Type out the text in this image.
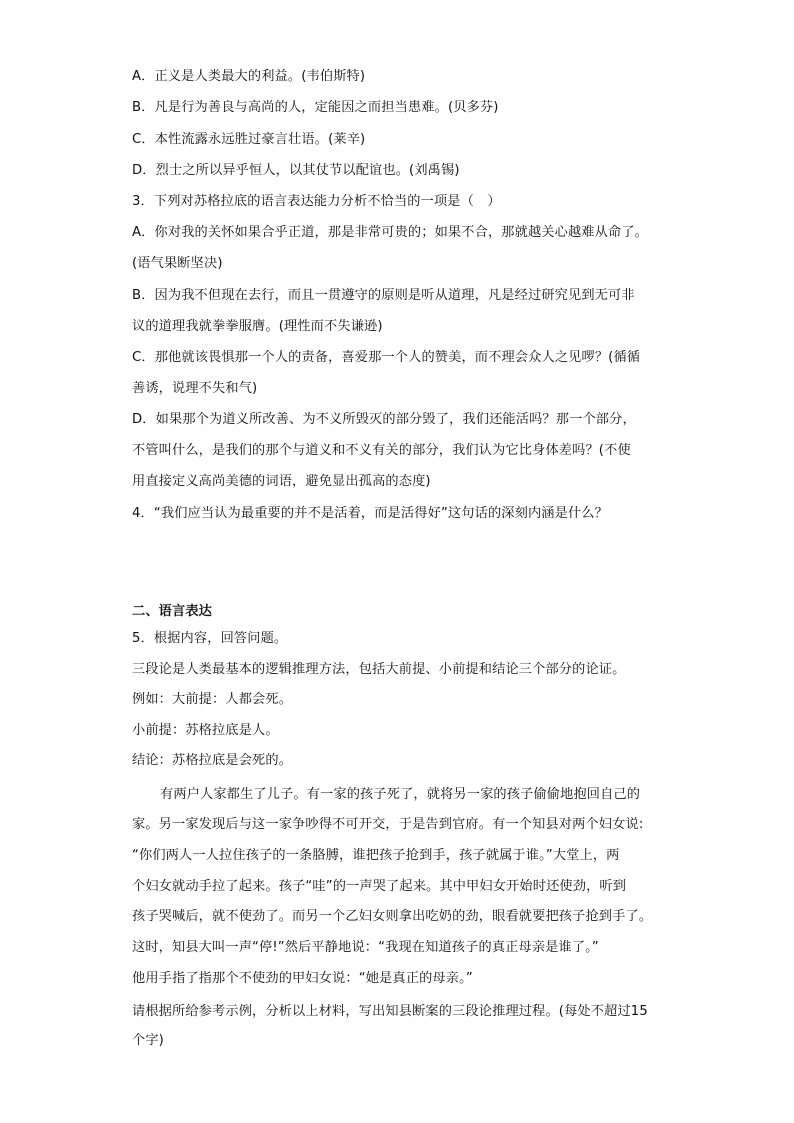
A．正义是人类最大的利益。(韦伯斯特)
B．凡是行为善良与高尚的人，定能因之而担当患难。(贝多芬)
C．本性流露永远胜过豪言壮语。(莱辛)
D．烈士之所以异乎恒人，以其仗节以配谊也。(刘禹锡)
3．下列对苏格拉底的语言表达能力分析不恰当的一项是（　）
A．你对我的关怀如果合乎正道，那是非常可贵的；如果不合，那就越关心越难从命了。
(语气果断坚决)
B．因为我不但现在去行，而且一贯遵守的原则是听从道理，凡是经过研究见到无可非
议的道理我就拳拳服膺。(理性而不失谦逊)
C．那他就该畏惧那一个人的责备，喜爱那一个人的赞美，而不理会众人之见啰？(循循
善诱，说理不失和气)
D．如果那个为道义所改善、为不义所毁灭的部分毁了，我们还能活吗？那一个部分，
不管叫什么，是我们的那个与道义和不义有关的部分，我们认为它比身体差吗？(不使
用直接定义高尚美德的词语，避免显出孤高的态度)
4．“我们应当认为最重要的并不是活着，而是活得好”这句话的深刻内涵是什么？
二、语言表达
5．根据内容，回答问题。
三段论是人类最基本的逻辑推理方法，包括大前提、小前提和结论三个部分的论证。
例如：大前提：人都会死。
小前提：苏格拉底是人。
结论：苏格拉底是会死的。
有两户人家都生了儿子。有一家的孩子死了，就将另一家的孩子偷偷地抱回自己的
家。另一家发现后与这一家争吵得不可开交，于是告到官府。有一个知县对两个妇女说:
“你们两人一人拉住孩子的一条胳膊，谁把孩子抢到手，孩子就属于谁。”大堂上，两
个妇女就动手拉了起来。孩子“哇”的一声哭了起来。其中甲妇女开始时还使劲，听到
孩子哭喊后，就不使劲了。而另一个乙妇女则拿出吃奶的劲，眼看就要把孩子抢到手了。
这时，知县大叫一声“停!”然后平静地说：“我现在知道孩子的真正母亲是谁了。”
他用手指了指那个不使劲的甲妇女说：“她是真正的母亲。”
请根据所给参考示例，分析以上材料，写出知县断案的三段论推理过程。(每处不超过15
个字)
